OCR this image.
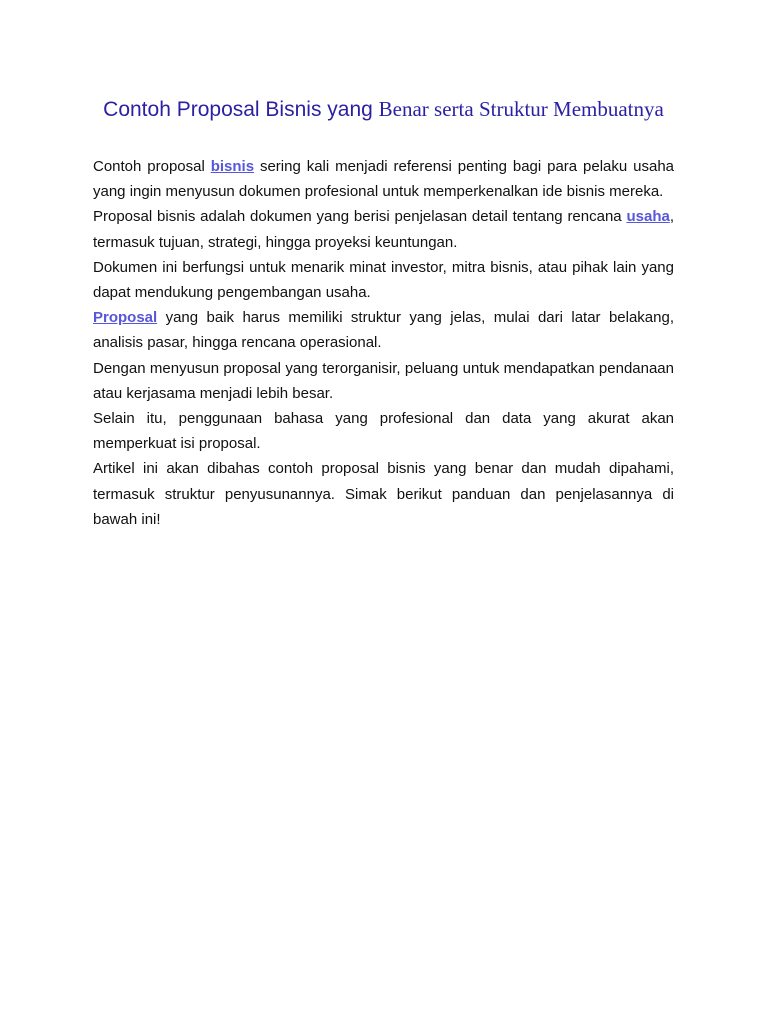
Contoh Proposal Bisnis yang Benar serta Struktur Membuatnya

Contoh proposal bisnis sering kali menjadi referensi penting bagi para pelaku usaha yang ingin menyusun dokumen profesional untuk memperkenalkan ide bisnis mereka.

Proposal bisnis adalah dokumen yang berisi penjelasan detail tentang rencana usaha, termasuk tujuan, strategi, hingga proyeksi keuntungan.

Dokumen ini berfungsi untuk menarik minat investor, mitra bisnis, atau pihak lain yang dapat mendukung pengembangan usaha.

Proposal yang baik harus memiliki struktur yang jelas, mulai dari latar belakang, analisis pasar, hingga rencana operasional.

Dengan menyusun proposal yang terorganisir, peluang untuk mendapatkan pendanaan atau kerjasama menjadi lebih besar.

Selain itu, penggunaan bahasa yang profesional dan data yang akurat akan memperkuat isi proposal.

Artikel ini akan dibahas contoh proposal bisnis yang benar dan mudah dipahami, termasuk struktur penyusunannya. Simak berikut panduan dan penjelasannya di bawah ini!
